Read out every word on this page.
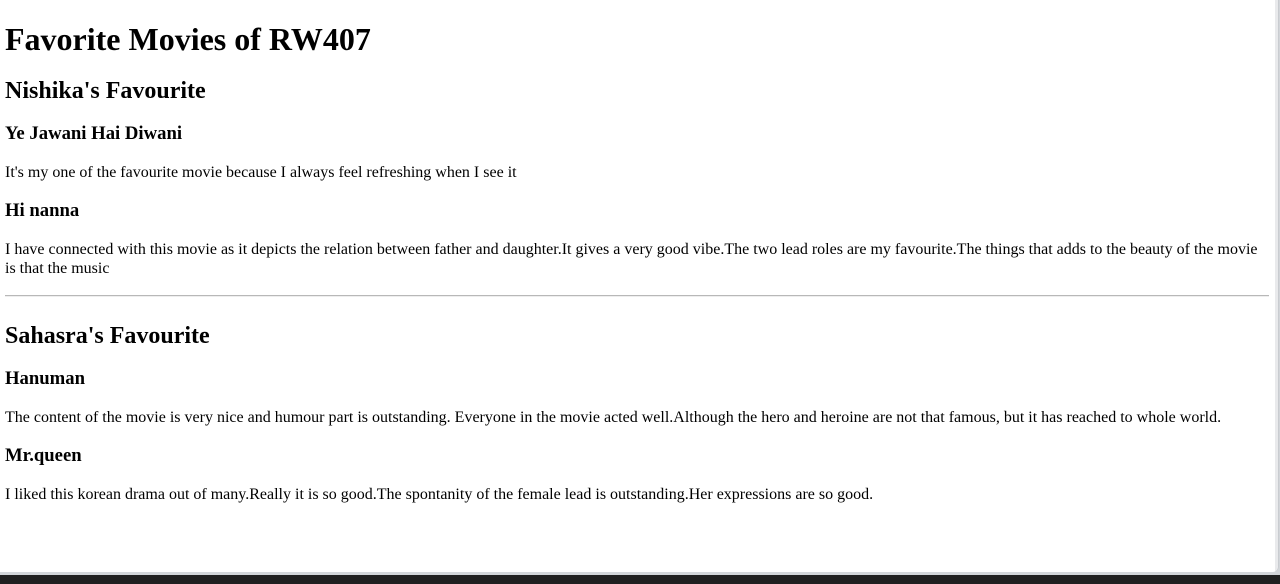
Favorite Movies of RW407
Nishika's Favourite
Ye Jawani Hai Diwani

It's my one of the favourite movie because I always feel refreshing when I see it

Hi nanna

I have connected with this movie as it depicts the relation between father and daughter.It gives a very good vibe.The two lead roles are my favourite.The things that adds to the beauty of the movie is that the music

Sahasra's Favourite
Hanuman

The content of the movie is very nice and humour part is outstanding. Everyone in the movie acted well.Although the hero and heroine are not that famous, but it has reached to whole world.

Mr.queen

I liked this korean drama out of many.Really it is so good.The spontanity of the female lead is outstanding.Her expressions are so good.
